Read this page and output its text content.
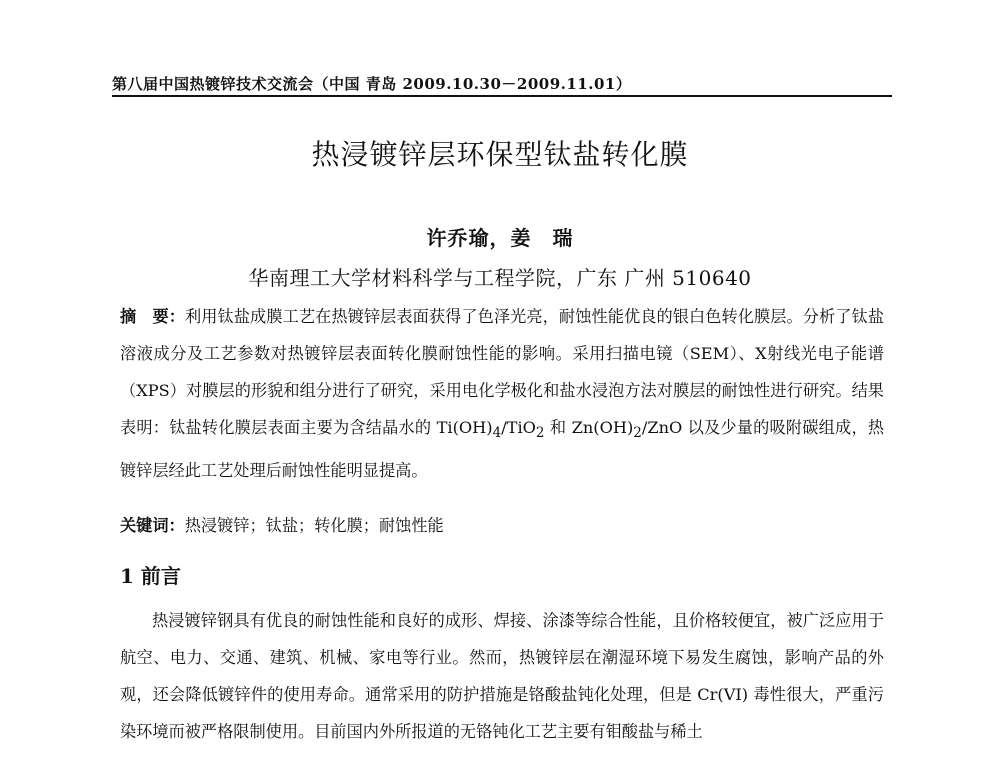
第八届中国热镀锌技术交流会（中国 青岛 2009.10.30－2009.11.01）
热浸镀锌层环保型钛盐转化膜
许乔瑜，姜　瑞
华南理工大学材料科学与工程学院，广东 广州 510640
摘　要：利用钛盐成膜工艺在热镀锌层表面获得了色泽光亮，耐蚀性能优良的银白色转化膜层。分析了钛盐溶液成分及工艺参数对热镀锌层表面转化膜耐蚀性能的影响。采用扫描电镜（SEM）、X射线光电子能谱（XPS）对膜层的形貌和组分进行了研究，采用电化学极化和盐水浸泡方法对膜层的耐蚀性进行研究。结果表明：钛盐转化膜层表面主要为含结晶水的 $Ti(OH)_4/TiO_2$ 和 $Zn(OH)_2$/ZnO 以及少量的吸附碳组成，热镀锌层经此工艺处理后耐蚀性能明显提高。
关键词：热浸镀锌；钛盐；转化膜；耐蚀性能
1 前言
热浸镀锌钢具有优良的耐蚀性能和良好的成形、焊接、涂漆等综合性能，且价格较便宜，被广泛应用于航空、电力、交通、建筑、机械、家电等行业。然而，热镀锌层在潮湿环境下易发生腐蚀，影响产品的外观，还会降低镀锌件的使用寿命。通常采用的防护措施是铬酸盐钝化处理，但是 Cr(VI) 毒性很大，严重污染环境而被严格限制使用。目前国内外所报道的无铬钝化工艺主要有钼酸盐与稀土
